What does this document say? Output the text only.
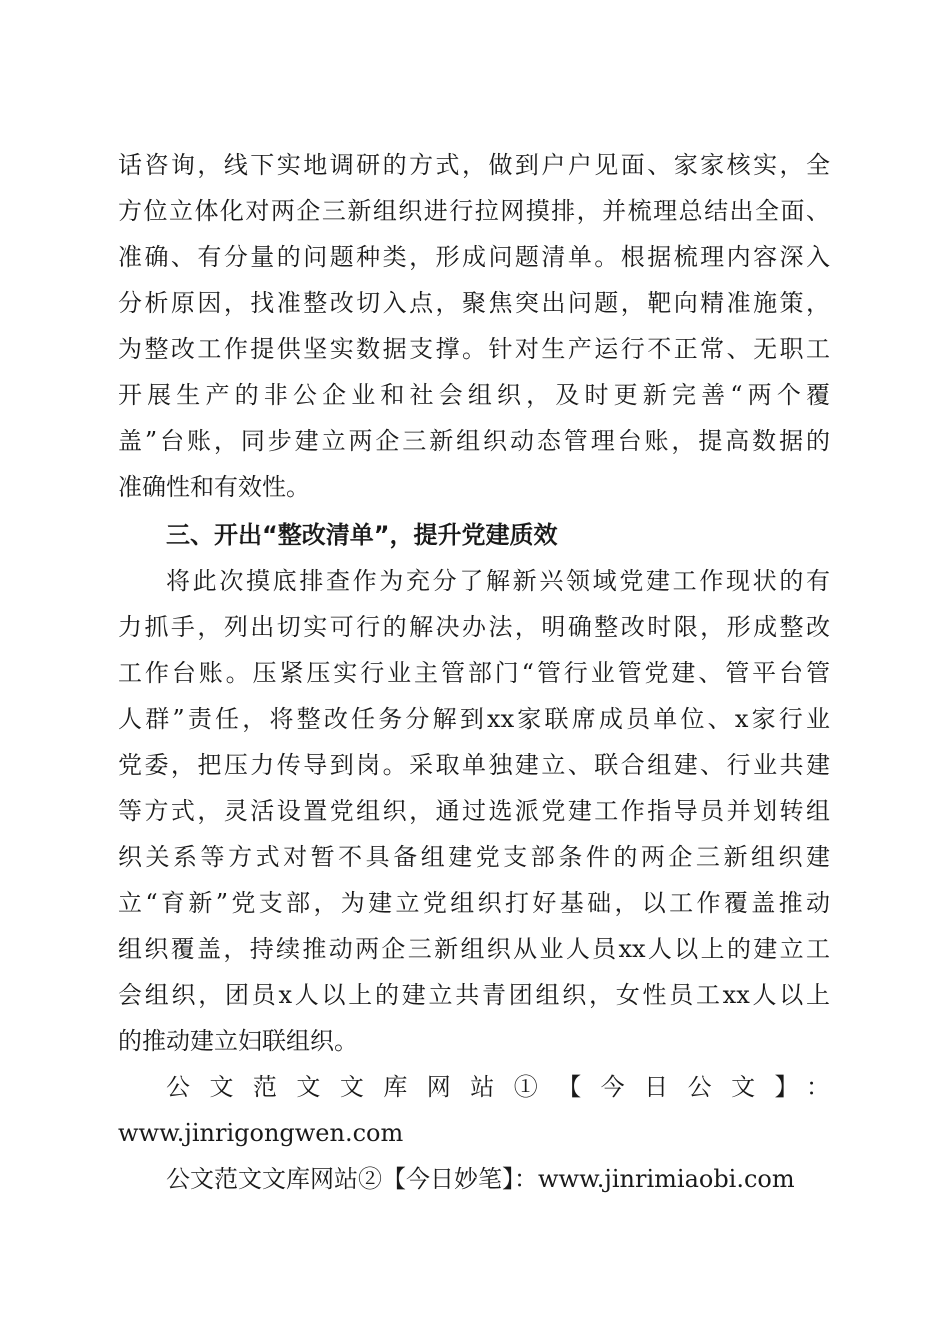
话咨询，线下实地调研的方式，做到户户见面、家家核实，全
方位立体化对两企三新组织进行拉网摸排，并梳理总结出全面、
准确、有分量的问题种类，形成问题清单。根据梳理内容深入
分析原因，找准整改切入点，聚焦突出问题，靶向精准施策，
为整改工作提供坚实数据支撑。针对生产运行不正常、无职工
开展生产的非公企业和社会组织，及时更新完善“两个覆
盖”台账，同步建立两企三新组织动态管理台账，提高数据的
准确性和有效性。
三、开出“整改清单”，提升党建质效
将此次摸底排查作为充分了解新兴领域党建工作现状的有
力抓手，列出切实可行的解决办法，明确整改时限，形成整改
工作台账。压紧压实行业主管部门“管行业管党建、管平台管
人群”责任，将整改任务分解到xx家联席成员单位、x家行业
党委，把压力传导到岗。采取单独建立、联合组建、行业共建
等方式，灵活设置党组织，通过选派党建工作指导员并划转组
织关系等方式对暂不具备组建党支部条件的两企三新组织建
立“育新”党支部，为建立党组织打好基础，以工作覆盖推动
组织覆盖，持续推动两企三新组织从业人员xx人以上的建立工
会组织，团员x人以上的建立共青团组织，女性员工xx人以上
的推动建立妇联组织。
公文范文文库网站①【今日公文】：
www.jinrigongwen.com
公文范文文库网站②【今日妙笔】：www.jinrimiaobi.com
